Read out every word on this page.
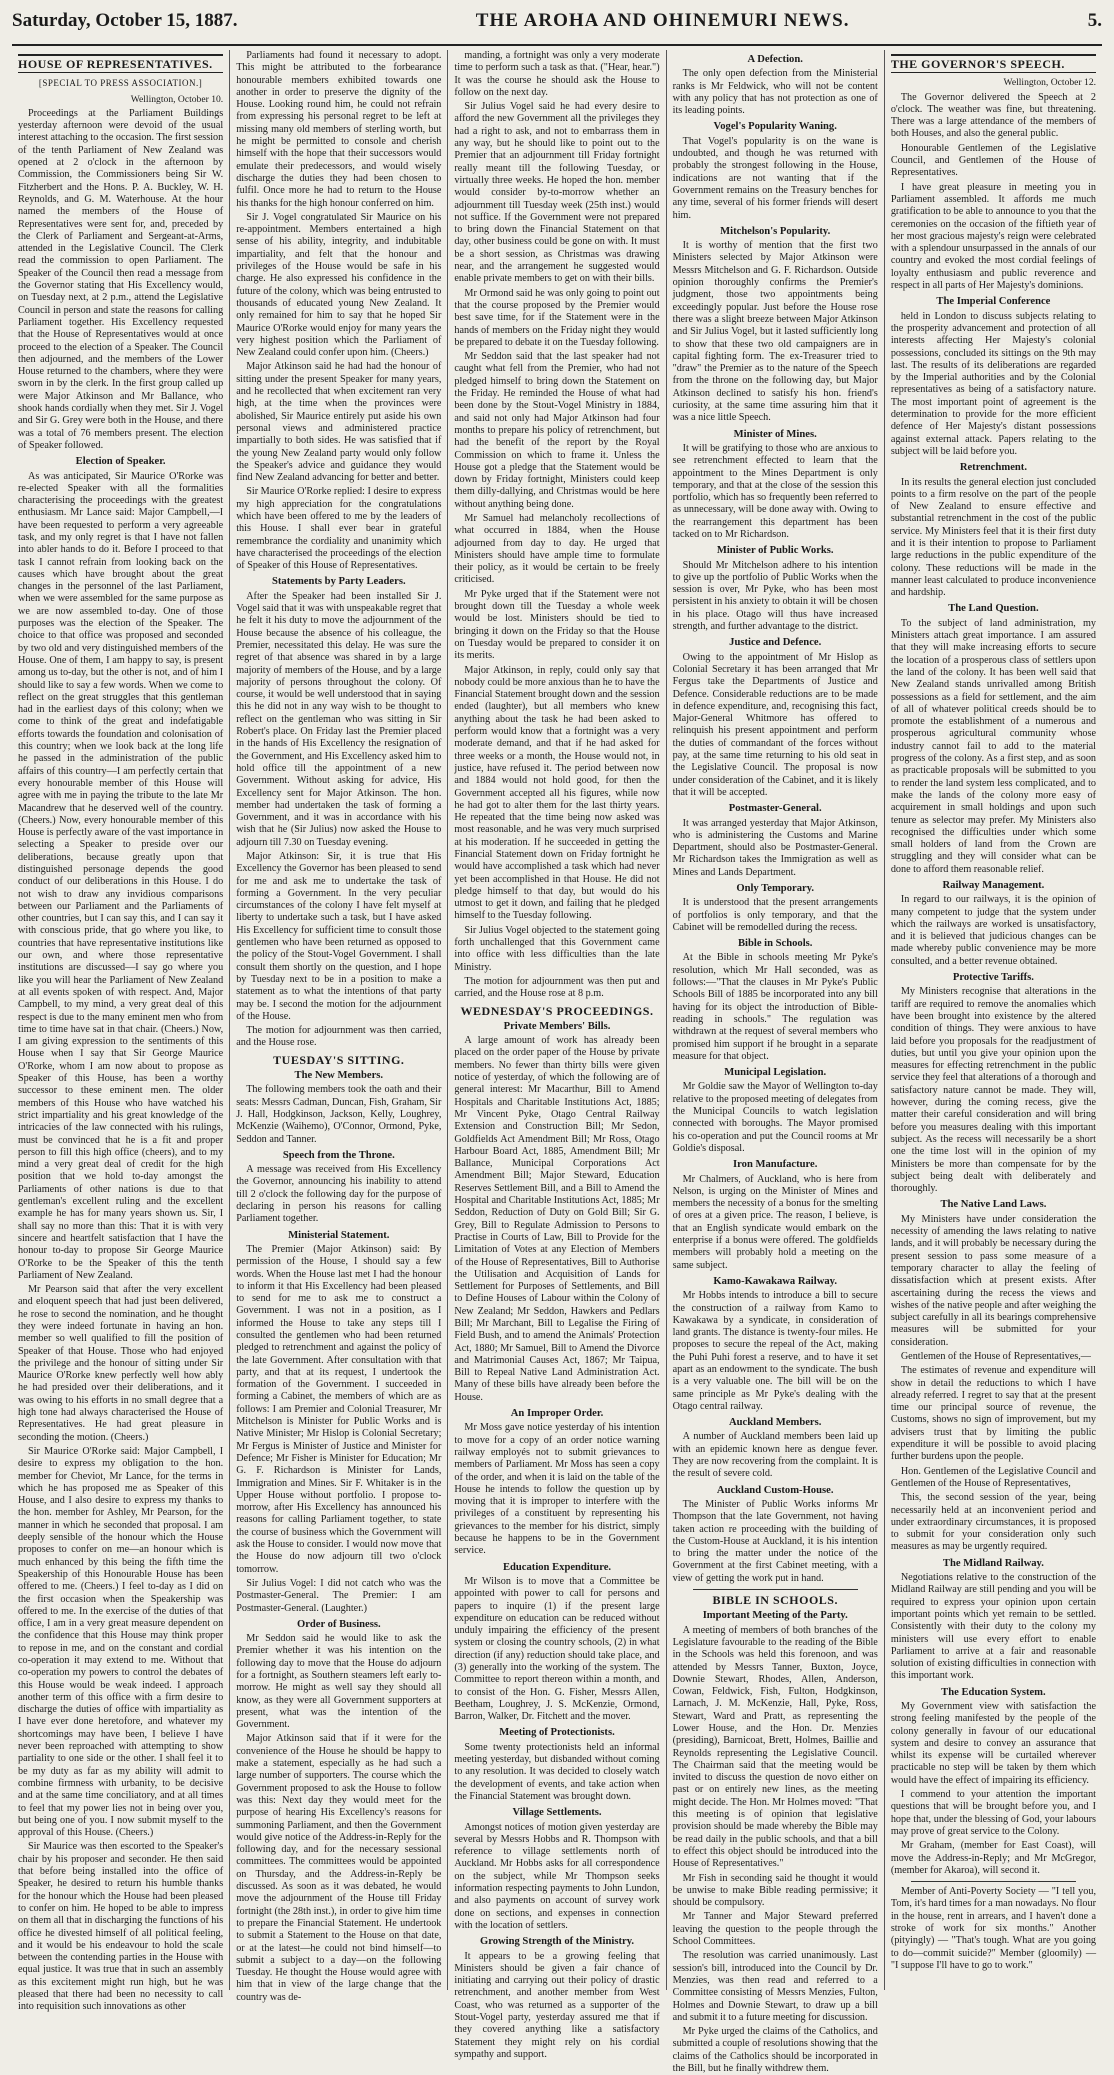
Saturday, October 15, 1887.	THE AROHA AND OHINEMURI NEWS.	5.
HOUSE OF REPRESENTATIVES.
[SPECIAL TO PRESS ASSOCIATION.]
Wellington, October 10.

Proceedings at the Parliament Buildings yesterday afternoon were devoid of the usual interest attaching to the occasion. The first session of the tenth Parliament of New Zealand was opened at 2 o'clock in the afternoon by Commission, the Commissioners being Sir W. Fitzherbert and the Hons. P. A. Buckley, W. H. Reynolds, and G. M. Waterhouse. At the hour named the members of the House of Representatives were sent for, and, preceded by the Clerk of Parliament and Sergeant-at-Arms, attended in the Legislative Council. The Clerk read the commission to open Parliament. The Speaker of the Council then read a message from the Governor stating that His Excellency would, on Tuesday next, at 2 p.m., attend the Legislative Council in person and state the reasons for calling Parliament together. His Excellency requested that the House of Representatives would at once proceed to the election of a Speaker. The Council then adjourned, and the members of the Lower House returned to the chambers, where they were sworn in by the clerk. In the first group called up were Major Atkinson and Mr Ballance, who shook hands cordially when they met. Sir J. Vogel and Sir G. Grey were both in the House, and there was a total of 76 members present. The election of Speaker followed.

Election of Speaker.

As was anticipated, Sir Maurice O'Rorke was re-elected Speaker with all the formalities characterising the proceedings with the greatest enthusiasm. Mr Lance said: Major Campbell,—I have been requested to perform a very agreeable task, and my only regret is that I have not fallen into abler hands to do it. Before I proceed to that task I cannot refrain from looking back on the causes which have brought about the great changes in the personnel of the last Parliament, when we were assembled for the same purpose as we are now assembled to-day. One of those purposes was the election of the Speaker. The choice to that office was proposed and seconded by two old and very distinguished members of the House. One of them, I am happy to say, is present among us to-day, but the other is not, and of him I should like to say a few words. When we come to reflect on the great struggles that this gentleman had in the earliest days of this colony; when we come to think of the great and indefatigable efforts towards the foundation and colonisation of this country; when we look back at the long life he passed in the administration of the public affairs of this country—I am perfectly certain that every honourable member of this House will agree with me in paying the tribute to the late Mr Macandrew that he deserved well of the country. (Cheers.) Now, every honourable member of this House is perfectly aware of the vast importance in selecting a Speaker to preside over our deliberations, because greatly upon that distinguished personage depends the good conduct of our deliberations in this House. I do not wish to draw any invidious comparisons between our Parliament and the Parliaments of other countries, but I can say this, and I can say it with conscious pride, that go where you like, to countries that have representative institutions like our own, and where those representative institutions are discussed—I say go where you like you will hear the Parliament of New Zealand at all events spoken of with respect. And, Major Campbell, to my mind, a very great deal of this respect is due to the many eminent men who from time to time have sat in that chair. (Cheers.) Now, I am giving expression to the sentiments of this House when I say that Sir George Maurice O'Rorke, whom I am now about to propose as Speaker of this House, has been a worthy successor to these eminent men. The older members of this House who have watched his strict impartiality and his great knowledge of the intricacies of the law connected with his rulings, must be convinced that he is a fit and proper person to fill this high office (cheers), and to my mind a very great deal of credit for the high position that we hold to-day amongst the Parliaments of other nations is due to that gentleman's excellent ruling and the excellent example he has for many years shown us. Sir, I shall say no more than this: That it is with very sincere and heartfelt satisfaction that I have the honour to-day to propose Sir George Maurice O'Rorke to be the Speaker of this the tenth Parliament of New Zealand.

Mr Pearson said that after the very excellent and eloquent speech that had just been delivered, he rose to second the nomination, and he thought they were indeed fortunate in having an hon. member so well qualified to fill the position of Speaker of that House. Those who had enjoyed the privilege and the honour of sitting under Sir Maurice O'Rorke knew perfectly well how ably he had presided over their deliberations, and it was owing to his efforts in no small degree that a high tone had always characterised the House of Representatives. He had great pleasure in seconding the motion. (Cheers.)

Sir Maurice O'Rorke said: Major Campbell, I desire to express my obligation to the hon. member for Cheviot, Mr Lance, for the terms in which he has proposed me as Speaker of this House, and I also desire to express my thanks to the hon. member for Ashley, Mr Pearson, for the manner in which he seconded that proposal. I am deeply sensible of the honour which the House proposes to confer on me—an honour which is much enhanced by this being the fifth time the Speakership of this Honourable House has been offered to me. (Cheers.) I feel to-day as I did on the first occasion when the Speakership was offered to me. In the exercise of the duties of that office, I am in a very great measure dependent on the confidence that this House may think proper to repose in me, and on the constant and cordial co-operation it may extend to me. Without that co-operation my powers to control the debates of this House would be weak indeed. I approach another term of this office with a firm desire to discharge the duties of office with impartiality as I have ever done heretofore, and whatever my shortcomings may have been, I believe I have never been reproached with attempting to show partiality to one side or the other. I shall feel it to be my duty as far as my ability will admit to combine firmness with urbanity, to be decisive and at the same time conciliatory, and at all times to feel that my power lies not in being over you, but being one of you. I now submit myself to the approval of this House. (Cheers.)

Sir Maurice was then escorted to the Speaker's chair by his proposer and seconder. He then said that before being installed into the office of Speaker, he desired to return his humble thanks for the honour which the House had been pleased to confer on him. He hoped to be able to impress on them all that in discharging the functions of his office he divested himself of all political feeling, and it would be his endeavour to hold the scale between the contending parties in the House with equal justice. It was true that in such an assembly as this excitement might run high, but he was pleased that there had been no necessity to call into requisition such innovations as other

Parliaments had found it necessary to adopt. This might be attributed to the forbearance honourable members exhibited towards one another in order to preserve the dignity of the House. Looking round him, he could not refrain from expressing his personal regret to be left at missing many old members of sterling worth, but he might be permitted to console and cherish himself with the hope that their successors would emulate their predecessors, and would wisely discharge the duties they had been chosen to fulfil. Once more he had to return to the House his thanks for the high honour conferred on him.

Sir J. Vogel congratulated Sir Maurice on his re-appointment. Members entertained a high sense of his ability, integrity, and indubitable impartiality, and felt that the honour and privileges of the House would be safe in his charge. He also expressed his confidence in the future of the colony, which was being entrusted to thousands of educated young New Zealand. It only remained for him to say that he hoped Sir Maurice O'Rorke would enjoy for many years the very highest position which the Parliament of New Zealand could confer upon him. (Cheers.)

Major Atkinson said he had had the honour of sitting under the present Speaker for many years, and he recollected that when excitement ran very high, at the time when the provinces were abolished, Sir Maurice entirely put aside his own personal views and administered practice impartially to both sides. He was satisfied that if the young New Zealand party would only follow the Speaker's advice and guidance they would find New Zealand advancing for better and better.

Sir Maurice O'Rorke replied: I desire to express my high appreciation for the congratulations which have been offered to me by the leaders of this House. I shall ever bear in grateful remembrance the cordiality and unanimity which have characterised the proceedings of the election of Speaker of this House of Representatives.

Statements by Party Leaders.

After the Speaker had been installed Sir J. Vogel said that it was with unspeakable regret that he felt it his duty to move the adjournment of the House because the absence of his colleague, the Premier, necessitated this delay. He was sure the regret of that absence was shared in by a large majority of members of the House, and by a large majority of persons throughout the colony. Of course, it would be well understood that in saying this he did not in any way wish to be thought to reflect on the gentleman who was sitting in Sir Robert's place. On Friday last the Premier placed in the hands of His Excellency the resignation of the Government, and His Excellency asked him to hold office till the appointment of a new Government. Without asking for advice, His Excellency sent for Major Atkinson. The hon. member had undertaken the task of forming a Government, and it was in accordance with his wish that he (Sir Julius) now asked the House to adjourn till 7.30 on Tuesday evening.

Major Atkinson: Sir, it is true that His Excellency the Governor has been pleased to send for me and ask me to undertake the task of forming a Government. In the very peculiar circumstances of the colony I have felt myself at liberty to undertake such a task, but I have asked His Excellency for sufficient time to consult those gentlemen who have been returned as opposed to the policy of the Stout-Vogel Government. I shall consult them shortly on the question, and I hope by Tuesday next to be in a position to make a statement as to what the intentions of that party may be. I second the motion for the adjournment of the House.

The motion for adjournment was then carried, and the House rose.

TUESDAY'S SITTING.
The New Members.

The following members took the oath and their seats: Messrs Cadman, Duncan, Fish, Graham, Sir J. Hall, Hodgkinson, Jackson, Kelly, Loughrey, McKenzie (Waihemo), O'Connor, Ormond, Pyke, Seddon and Tanner.

Speech from the Throne.

A message was received from His Excellency the Governor, announcing his inability to attend till 2 o'clock the following day for the purpose of declaring in person his reasons for calling Parliament together.

Ministerial Statement.

The Premier (Major Atkinson) said: By permission of the House, I should say a few words. When the House last met I had the honour to inform it that His Excellency had been pleased to send for me to ask me to construct a Government. I was not in a position, as I informed the House to take any steps till I consulted the gentlemen who had been returned pledged to retrenchment and against the policy of the late Government. After consultation with that party, and that at its request, I undertook the formation of the Government. I succeeded in forming a Cabinet, the members of which are as follows: I am Premier and Colonial Treasurer, Mr Mitchelson is Minister for Public Works and is Native Minister; Mr Hislop is Colonial Secretary; Mr Fergus is Minister of Justice and Minister for Defence; Mr Fisher is Minister for Education; Mr G. F. Richardson is Minister for Lands, Immigration and Mines. Sir F. Whitaker is in the Upper House without portfolio. I propose to-morrow, after His Excellency has announced his reasons for calling Parliament together, to state the course of business which the Government will ask the House to consider. I would now move that the House do now adjourn till two o'clock tomorrow.

Sir Julius Vogel: I did not catch who was the Postmaster-General. The Premier: I am Postmaster-General. (Laughter.)

Order of Business.

Mr Seddon said he would like to ask the Premier whether it was his intention on the following day to move that the House do adjourn for a fortnight, as Southern steamers left early to-morrow. He might as well say they should all know, as they were all Government supporters at present, what was the intention of the Government.

Major Atkinson said that if it were for the convenience of the House he should be happy to make a statement, especially as he had such a large number of supporters. The course which the Government proposed to ask the House to follow was this: Next day they would meet for the purpose of hearing His Excellency's reasons for summoning Parliament, and then the Government would give notice of the Address-in-Reply for the following day, and for the necessary sessional committees. The committees would be appointed on Thursday, and the Address-in-Reply be discussed. As soon as it was debated, he would move the adjournment of the House till Friday fortnight (the 28th inst.), in order to give him time to prepare the Financial Statement. He undertook to submit a Statement to the House on that date, or at the latest—he could not bind himself—to submit a subject to a day—on the following Tuesday. He thought the House would agree with him that in view of the large change that the country was de-

manding, a fortnight was only a very moderate time to perform such a task as that. ("Hear, hear.") It was the course he should ask the House to follow on the next day.

Sir Julius Vogel said he had every desire to afford the new Government all the privileges they had a right to ask, and not to embarrass them in any way, but he should like to point out to the Premier that an adjournment till Friday fortnight really meant till the following Tuesday, or virtually three weeks. He hoped the hon. member would consider by-to-morrow whether an adjournment till Tuesday week (25th inst.) would not suffice. If the Government were not prepared to bring down the Financial Statement on that day, other business could be gone on with. It must be a short session, as Christmas was drawing near, and the arrangement he suggested would enable private members to get on with their bills.

Mr Ormond said he was only going to point out that the course proposed by the Premier would best save time, for if the Statement were in the hands of members on the Friday night they would be prepared to debate it on the Tuesday following.

Mr Seddon said that the last speaker had not caught what fell from the Premier, who had not pledged himself to bring down the Statement on the Friday. He reminded the House of what had been done by the Stout-Vogel Ministry in 1884, and said not only had Major Atkinson had four months to prepare his policy of retrenchment, but had the benefit of the report by the Royal Commission on which to frame it. Unless the House got a pledge that the Statement would be down by Friday fortnight, Ministers could keep them dilly-dallying, and Christmas would be here without anything being done.

Mr Samuel had melancholy recollections of what occurred in 1884, when the House adjourned from day to day. He urged that Ministers should have ample time to formulate their policy, as it would be certain to be freely criticised.

Mr Pyke urged that if the Statement were not brought down till the Tuesday a whole week would be lost. Ministers should be tied to bringing it down on the Friday so that the House on Tuesday would be prepared to consider it on its merits.

Major Atkinson, in reply, could only say that nobody could be more anxious than he to have the Financial Statement brought down and the session ended (laughter), but all members who knew anything about the task he had been asked to perform would know that a fortnight was a very moderate demand, and that if he had asked for three weeks or a month, the House would not, in justice, have refused it. The period between now and 1884 would not hold good, for then the Government accepted all his figures, while now he had got to alter them for the last thirty years. He repeated that the time being now asked was most reasonable, and he was very much surprised at his moderation. If he succeeded in getting the Financial Statement down on Friday fortnight he would have accomplished a task which had never yet been accomplished in that House. He did not pledge himself to that day, but would do his utmost to get it down, and failing that he pledged himself to the Tuesday following.

Sir Julius Vogel objected to the statement going forth unchallenged that this Government came into office with less difficulties than the late Ministry.

The motion for adjournment was then put and carried, and the House rose at 8 p.m.

WEDNESDAY'S PROCEEDINGS.
Private Members' Bills.

A large amount of work has already been placed on the order paper of the House by private members. No fewer than thirty bills were given notice of yesterday, of which the following are of general interest: Mr Macarthur, Bill to Amend Hospitals and Charitable Institutions Act, 1885; Mr Vincent Pyke, Otago Central Railway Extension and Construction Bill; Mr Sedon, Goldfields Act Amendment Bill; Mr Ross, Otago Harbour Board Act, 1885, Amendment Bill; Mr Ballance, Municipal Corporations Act Amendment Bill; Major Steward, Education Reserves Settlement Bill, and a Bill to Amend the Hospital and Charitable Institutions Act, 1885; Mr Seddon, Reduction of Duty on Gold Bill; Sir G. Grey, Bill to Regulate Admission to Persons to Practise in Courts of Law, Bill to Provide for the Limitation of Votes at any Election of Members of the House of Representatives, Bill to Authorise the Utilisation and Acquisition of Lands for Settlement for Purposes of Settlements, and Bill to Define Houses of Labour within the Colony of New Zealand; Mr Seddon, Hawkers and Pedlars Bill; Mr Marchant, Bill to Legalise the Firing of Field Bush, and to amend the Animals' Protection Act, 1880; Mr Samuel, Bill to Amend the Divorce and Matrimonial Causes Act, 1867; Mr Taipua, Bill to Repeal Native Land Administration Act. Many of these bills have already been before the House.

An Improper Order.

Mr Moss gave notice yesterday of his intention to move for a copy of an order notice warning railway employés not to submit grievances to members of Parliament. Mr Moss has seen a copy of the order, and when it is laid on the table of the House he intends to follow the question up by moving that it is improper to interfere with the privileges of a constituent by representing his grievances to the member for his district, simply because he happens to be in the Government service.

Education Expenditure.

Mr Wilson is to move that a Committee be appointed with power to call for persons and papers to inquire (1) if the present large expenditure on education can be reduced without unduly impairing the efficiency of the present system or closing the country schools, (2) in what direction (if any) reduction should take place, and (3) generally into the working of the system. The Committee to report thereon within a month, and to consist of the Hon. G. Fisher, Messrs Allen, Beetham, Loughrey, J. S. McKenzie, Ormond, Barron, Walker, Dr. Fitchett and the mover.

Meeting of Protectionists.

Some twenty protectionists held an informal meeting yesterday, but disbanded without coming to any resolution. It was decided to closely watch the development of events, and take action when the Financial Statement was brought down.

Village Settlements.

Amongst notices of motion given yesterday are several by Messrs Hobbs and R. Thompson with reference to village settlements north of Auckland. Mr Hobbs asks for all correspondence on the subject, while Mr Thompson seeks information respecting payments to John Lundon, and also payments on account of survey work done on sections, and expenses in connection with the location of settlers.

Growing Strength of the Ministry.

It appears to be a growing feeling that Ministers should be given a fair chance of initiating and carrying out their policy of drastic retrenchment, and another member from West Coast, who was returned as a supporter of the Stout-Vogel party, yesterday assured me that if they covered anything like a satisfactory Statement they might rely on his cordial sympathy and support.

A Defection.

The only open defection from the Ministerial ranks is Mr Feldwick, who will not be content with any policy that has not protection as one of its leading points.

Vogel's Popularity Waning.

That Vogel's popularity is on the wane is undoubted, and though he was returned with probably the strongest following in the House, indications are not wanting that if the Government remains on the Treasury benches for any time, several of his former friends will desert him.

Mitchelson's Popularity.

It is worthy of mention that the first two Ministers selected by Major Atkinson were Messrs Mitchelson and G. F. Richardson. Outside opinion thoroughly confirms the Premier's judgment, those two appointments being exceedingly popular. Just before the House rose there was a slight breeze between Major Atkinson and Sir Julius Vogel, but it lasted sufficiently long to show that these two old campaigners are in capital fighting form. The ex-Treasurer tried to "draw" the Premier as to the nature of the Speech from the throne on the following day, but Major Atkinson declined to satisfy his hon. friend's curiosity, at the same time assuring him that it was a nice little Speech.

Minister of Mines.

It will be gratifying to those who are anxious to see retrenchment effected to learn that the appointment to the Mines Department is only temporary, and that at the close of the session this portfolio, which has so frequently been referred to as unnecessary, will be done away with. Owing to the rearrangement this department has been tacked on to Mr Richardson.

Minister of Public Works.

Should Mr Mitchelson adhere to his intention to give up the portfolio of Public Works when the session is over, Mr Pyke, who has been most persistent in his anxiety to obtain it will be chosen in his place. Otago will thus have increased strength, and further advantage to the district.

Justice and Defence.

Owing to the appointment of Mr Hislop as Colonial Secretary it has been arranged that Mr Fergus take the Departments of Justice and Defence. Considerable reductions are to be made in defence expenditure, and, recognising this fact, Major-General Whitmore has offered to relinquish his present appointment and perform the duties of commandant of the forces without pay, at the same time returning to his old seat in the Legislative Council. The proposal is now under consideration of the Cabinet, and it is likely that it will be accepted.

Postmaster-General.

It was arranged yesterday that Major Atkinson, who is administering the Customs and Marine Department, should also be Postmaster-General. Mr Richardson takes the Immigration as well as Mines and Lands Department.

Only Temporary.

It is understood that the present arrangements of portfolios is only temporary, and that the Cabinet will be remodelled during the recess.

Bible in Schools.

At the Bible in schools meeting Mr Pyke's resolution, which Mr Hall seconded, was as follows:—"That the clauses in Mr Pyke's Public Schools Bill of 1885 be incorporated into any bill having for its object the introduction of Bible-reading in schools." The regulation was withdrawn at the request of several members who promised him support if he brought in a separate measure for that object.

Municipal Legislation.

Mr Goldie saw the Mayor of Wellington to-day relative to the proposed meeting of delegates from the Municipal Councils to watch legislation connected with boroughs. The Mayor promised his co-operation and put the Council rooms at Mr Goldie's disposal.

Iron Manufacture.

Mr Chalmers, of Auckland, who is here from Nelson, is urging on the Minister of Mines and members the necessity of a bonus for the smelting of ores at a given price. The reason, I believe, is that an English syndicate would embark on the enterprise if a bonus were offered. The goldfields members will probably hold a meeting on the same subject.

Kamo-Kawakawa Railway.

Mr Hobbs intends to introduce a bill to secure the construction of a railway from Kamo to Kawakawa by a syndicate, in consideration of land grants. The distance is twenty-four miles. He proposes to secure the repeal of the Act, making the Puhi Puhi forest a reserve, and to have it set apart as an endowment to the syndicate. The bush is a very valuable one. The bill will be on the same principle as Mr Pyke's dealing with the Otago central railway.

Auckland Members.

A number of Auckland members been laid up with an epidemic known here as dengue fever. They are now recovering from the complaint. It is the result of severe cold.

Auckland Custom-House.

The Minister of Public Works informs Mr Thompson that the late Government, not having taken action re proceeding with the building of the Custom-House at Auckland, it is his intention to bring the matter under the notice of the Government at the first Cabinet meeting, with a view of getting the work put in hand.

BIBLE IN SCHOOLS.
Important Meeting of the Party.

A meeting of members of both branches of the Legislature favourable to the reading of the Bible in the Schools was held this forenoon, and was attended by Messrs Tanner, Buxton, Joyce, Downie Stewart, Rhodes, Allen, Anderson, Cowan, Feldwick, Fish, Fulton, Hodgkinson, Larnach, J. M. McKenzie, Hall, Pyke, Ross, Stewart, Ward and Pratt, as representing the Lower House, and the Hon. Dr. Menzies (presiding), Barnicoat, Brett, Holmes, Baillie and Reynolds representing the Legislative Council. The Chairman said that the meeting would be invited to discuss the question de novo either on past or on entirely new lines, as the meeting might decide. The Hon. Mr Holmes moved: "That this meeting is of opinion that legislative provision should be made whereby the Bible may be read daily in the public schools, and that a bill to effect this object should be introduced into the House of Representatives."

Mr Fish in seconding said he thought it would be unwise to make Bible reading permissive; it should be compulsory.

Mr Tanner and Major Steward preferred leaving the question to the people through the School Committees.

The resolution was carried unanimously. Last session's bill, introduced into the Council by Dr. Menzies, was then read and referred to a Committee consisting of Messrs Menzies, Fulton, Holmes and Downie Stewart, to draw up a bill and submit it to a future meeting for discussion.

Mr Pyke urged the claims of the Catholics, and submitted a couple of resolutions showing that the claims of the Catholics should be incorporated in the Bill, but he finally withdrew them.

THE GOVERNOR'S SPEECH.
Wellington, October 12.

The Governor delivered the Speech at 2 o'clock. The weather was fine, but threatening. There was a large attendance of the members of both Houses, and also the general public.

Honourable Gentlemen of the Legislative Council, and Gentlemen of the House of Representatives.

I have great pleasure in meeting you in Parliament assembled. It affords me much gratification to be able to announce to you that the ceremonies on the occasion of the fiftieth year of her most gracious majesty's reign were celebrated with a splendour unsurpassed in the annals of our country and evoked the most cordial feelings of loyalty enthusiasm and public reverence and respect in all parts of Her Majesty's dominions.

The Imperial Conference

held in London to discuss subjects relating to the prosperity advancement and protection of all interests affecting Her Majesty's colonial possessions, concluded its sittings on the 9th may last. The results of its deliberations are regarded by the Imperial authorities and by the Colonial representatives as being of a satisfactory nature. The most important point of agreement is the determination to provide for the more efficient defence of Her Majesty's distant possessions against external attack. Papers relating to the subject will be laid before you.

Retrenchment.

In its results the general election just concluded points to a firm resolve on the part of the people of New Zealand to ensure effective and substantial retrenchment in the cost of the public service. My Ministers feel that it is their first duty and it is their intention to propose to Parliament large reductions in the public expenditure of the colony. These reductions will be made in the manner least calculated to produce inconvenience and hardship.

The Land Question.

To the subject of land administration, my Ministers attach great importance. I am assured that they will make increasing efforts to secure the location of a prosperous class of settlers upon the land of the colony. It has been well said that New Zealand stands unrivalled among British possessions as a field for settlement, and the aim of all of whatever political creeds should be to promote the establishment of a numerous and prosperous agricultural community whose industry cannot fail to add to the material progress of the colony. As a first step, and as soon as practicable proposals will be submitted to you to render the land system less complicated, and to make the lands of the colony more easy of acquirement in small holdings and upon such tenure as selector may prefer. My Ministers also recognised the difficulties under which some small holders of land from the Crown are struggling and they will consider what can be done to afford them reasonable relief.

Railway Management.

In regard to our railways, it is the opinion of many competent to judge that the system under which the railways are worked is unsatisfactory, and it is believed that judicious changes can be made whereby public convenience may be more consulted, and a better revenue obtained.

Protective Tariffs.

My Ministers recognise that alterations in the tariff are required to remove the anomalies which have been brought into existence by the altered condition of things. They were anxious to have laid before you proposals for the readjustment of duties, but until you give your opinion upon the measures for effecting retrenchment in the public service they feel that alterations of a thorough and satisfactory nature cannot be made. They will, however, during the coming recess, give the matter their careful consideration and will bring before you measures dealing with this important subject. As the recess will necessarily be a short one the time lost will in the opinion of my Ministers be more than compensate for by the subject being dealt with deliberately and thoroughly.

The Native Land Laws.

My Ministers have under consideration the necessity of amending the laws relating to native lands, and it will probably be necessary during the present session to pass some measure of a temporary character to allay the feeling of dissatisfaction which at present exists. After ascertaining during the recess the views and wishes of the native people and after weighing the subject carefully in all its bearings comprehensive measures will be submitted for your consideration.

Gentlemen of the House of Representatives,—

The estimates of revenue and expenditure will show in detail the reductions to which I have already referred. I regret to say that at the present time our principal source of revenue, the Customs, shows no sign of improvement, but my advisers trust that by limiting the public expenditure it will be possible to avoid placing further burdens upon the people.

Hon. Gentlemen of the Legislative Council and Gentlemen of the House of Representatives,

This, the second session of the year, being necessarily held at an inconvenient period and under extraordinary circumstances, it is proposed to submit for your consideration only such measures as may be urgently required.

The Midland Railway.

Negotiations relative to the construction of the Midland Railway are still pending and you will be required to express your opinion upon certain important points which yet remain to be settled. Consistently with their duty to the colony my ministers will use every effort to enable Parliament to arrive at a fair and reasonable solution of existing difficulties in connection with this important work.

The Education System.

My Government view with satisfaction the strong feeling manifested by the people of the colony generally in favour of our educational system and desire to convey an assurance that whilst its expense will be curtailed wherever practicable no step will be taken by them which would have the effect of impairing its efficiency.

I commend to your attention the important questions that will be brought before you, and I hope that, under the blessing of God, your labours may prove of great service to the Colony.

Mr Graham, (member for East Coast), will move the Address-in-Reply; and Mr McGregor, (member for Akaroa), will second it.

Member of Anti-Poverty Society — "I tell you, Tom, it's hard times for a man nowadays. No flour in the house, rent in arrears, and I haven't done a stroke of work for six months." Another (pityingly) — "That's tough. What are you going to do—commit suicide?" Member (gloomily) — "I suppose I'll have to go to work."
